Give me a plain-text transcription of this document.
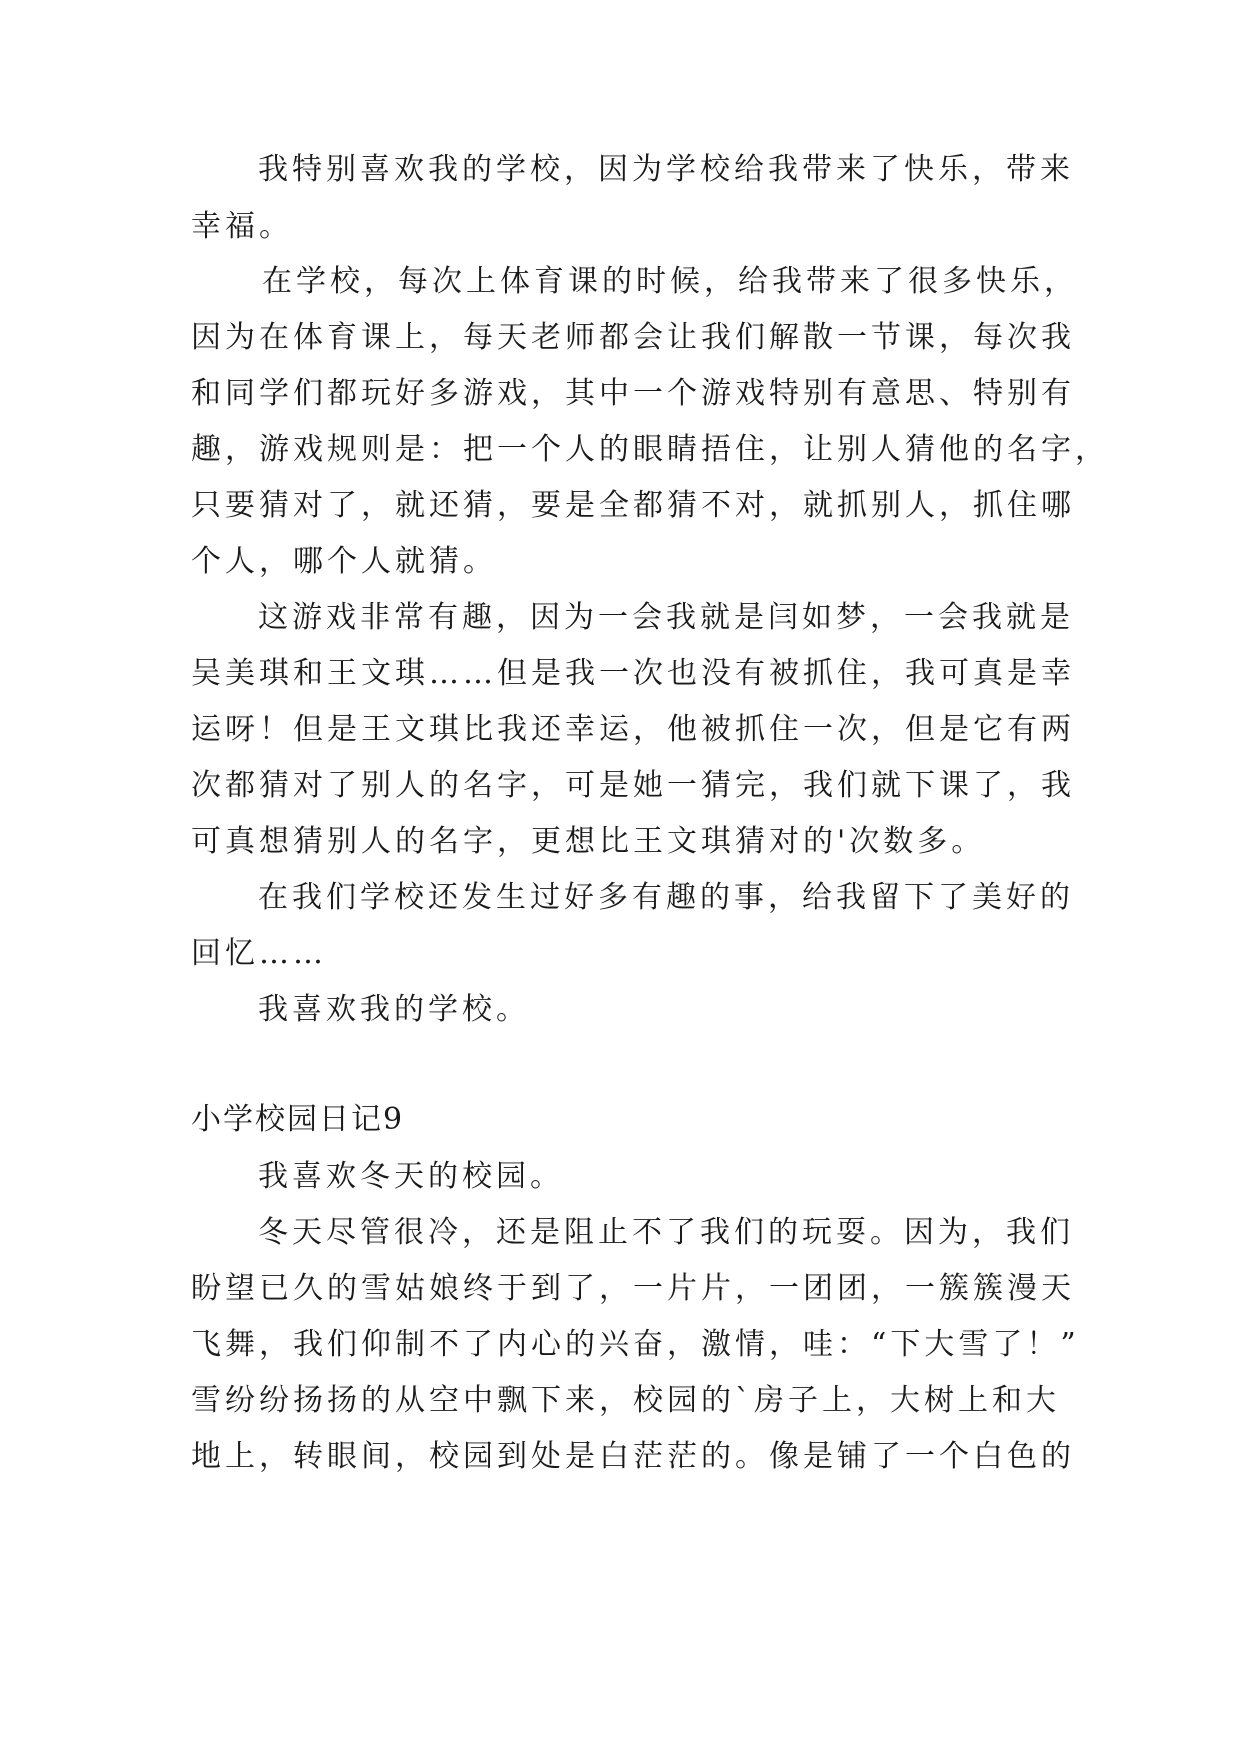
我特别喜欢我的学校，因为学校给我带来了快乐，带来
幸福。
在学校，每次上体育课的时候，给我带来了很多快乐，
因为在体育课上，每天老师都会让我们解散一节课，每次我
和同学们都玩好多游戏，其中一个游戏特别有意思、特别有
趣，游戏规则是：把一个人的眼睛捂住，让别人猜他的名字，
只要猜对了，就还猜，要是全都猜不对，就抓别人，抓住哪
个人，哪个人就猜。
这游戏非常有趣，因为一会我就是闫如梦，一会我就是
吴美琪和王文琪……但是我一次也没有被抓住，我可真是幸
运呀！但是王文琪比我还幸运，他被抓住一次，但是它有两
次都猜对了别人的名字，可是她一猜完，我们就下课了，我
可真想猜别人的名字，更想比王文琪猜对的'次数多。
在我们学校还发生过好多有趣的事，给我留下了美好的
回忆……
我喜欢我的学校。
小学校园日记9
我喜欢冬天的校园。
冬天尽管很冷，还是阻止不了我们的玩耍。因为，我们
盼望已久的雪姑娘终于到了，一片片，一团团，一簇簇漫天
飞舞，我们仰制不了内心的兴奋，激情，哇：“下大雪了！”
雪纷纷扬扬的从空中飘下来，校园的`房子上，大树上和大
地上，转眼间，校园到处是白茫茫的。像是铺了一个白色的
